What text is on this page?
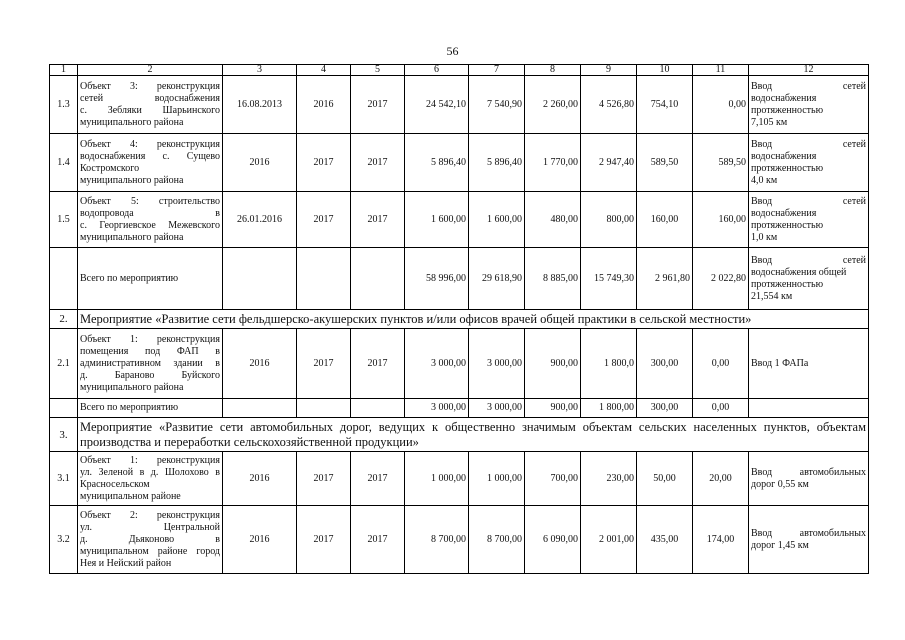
56
1	2	3	4	5	6	7	8	9	10	11	12
1.3	Объект 3: реконструкция
сетей водоснабжения
с. Зебляки Шарьинского
муниципального района	16.08.2013	2016	2017	24 542,10	7 540,90	2 260,00	4 526,80	754,10	0,00	Ввод сетей
водоснабжения
протяженностью
7,105 км

1.4	Объект 4: реконструкция
водоснабжения с. Сущево
Костромского
муниципального района	2016	2017	2017	5 896,40	5 896,40	1 770,00	2 947,40	589,50	589,50	Ввод сетей
водоснабжения
протяженностью
4,0 км

1.5	Объект 5: строительство
водопровода в
с. Георгиевское Межевского
муниципального района	26.01.2016	2017	2017	1 600,00	1 600,00	480,00	800,00	160,00	160,00	Ввод сетей
водоснабжения
протяженностью
1,0 км

	Всего по мероприятию				58 996,00	29 618,90	8 885,00	15 749,30	2 961,80	2 022,80	Ввод сетей
водоснабжения общей
протяженностью
21,554 км

2.	Мероприятие «Развитие сети фельдшерско-акушерских пунктов и/или офисов врачей общей практики в сельской местности»										
2.1	Объект 1: реконструкция
помещения под ФАП в
административном здании в
д. Бараново Буйского
муниципального района	2016	2017	2017	3 000,00	3 000,00	900,00	1 800,0	300,00	0,00	Ввод 1 ФАПа
	Всего по мероприятию				3 000,00	3 000,00	900,00	1 800,00	300,00	0,00	
3.	Мероприятие «Развитие сети автомобильных дорог, ведущих к общественно значимым объектам сельских населенных пунктов, объектам производства и переработки сельскохозяйственной продукции»										
3.1	Объект 1: реконструкция
ул. Зеленой в д. Шолохово в
Красносельском
муниципальном районе	2016	2017	2017	1 000,00	1 000,00	700,00	230,00	50,00	20,00	Ввод автомобильных
дорог 0,55 км

3.2	Объект 2: реконструкция
ул. Центральной
д. Дьяконово в
муниципальном районе город
Нея и Нейский район	2016	2017	2017	8 700,00	8 700,00	6 090,00	2 001,00	435,00	174,00	Ввод автомобильных
дорог 1,45 км
